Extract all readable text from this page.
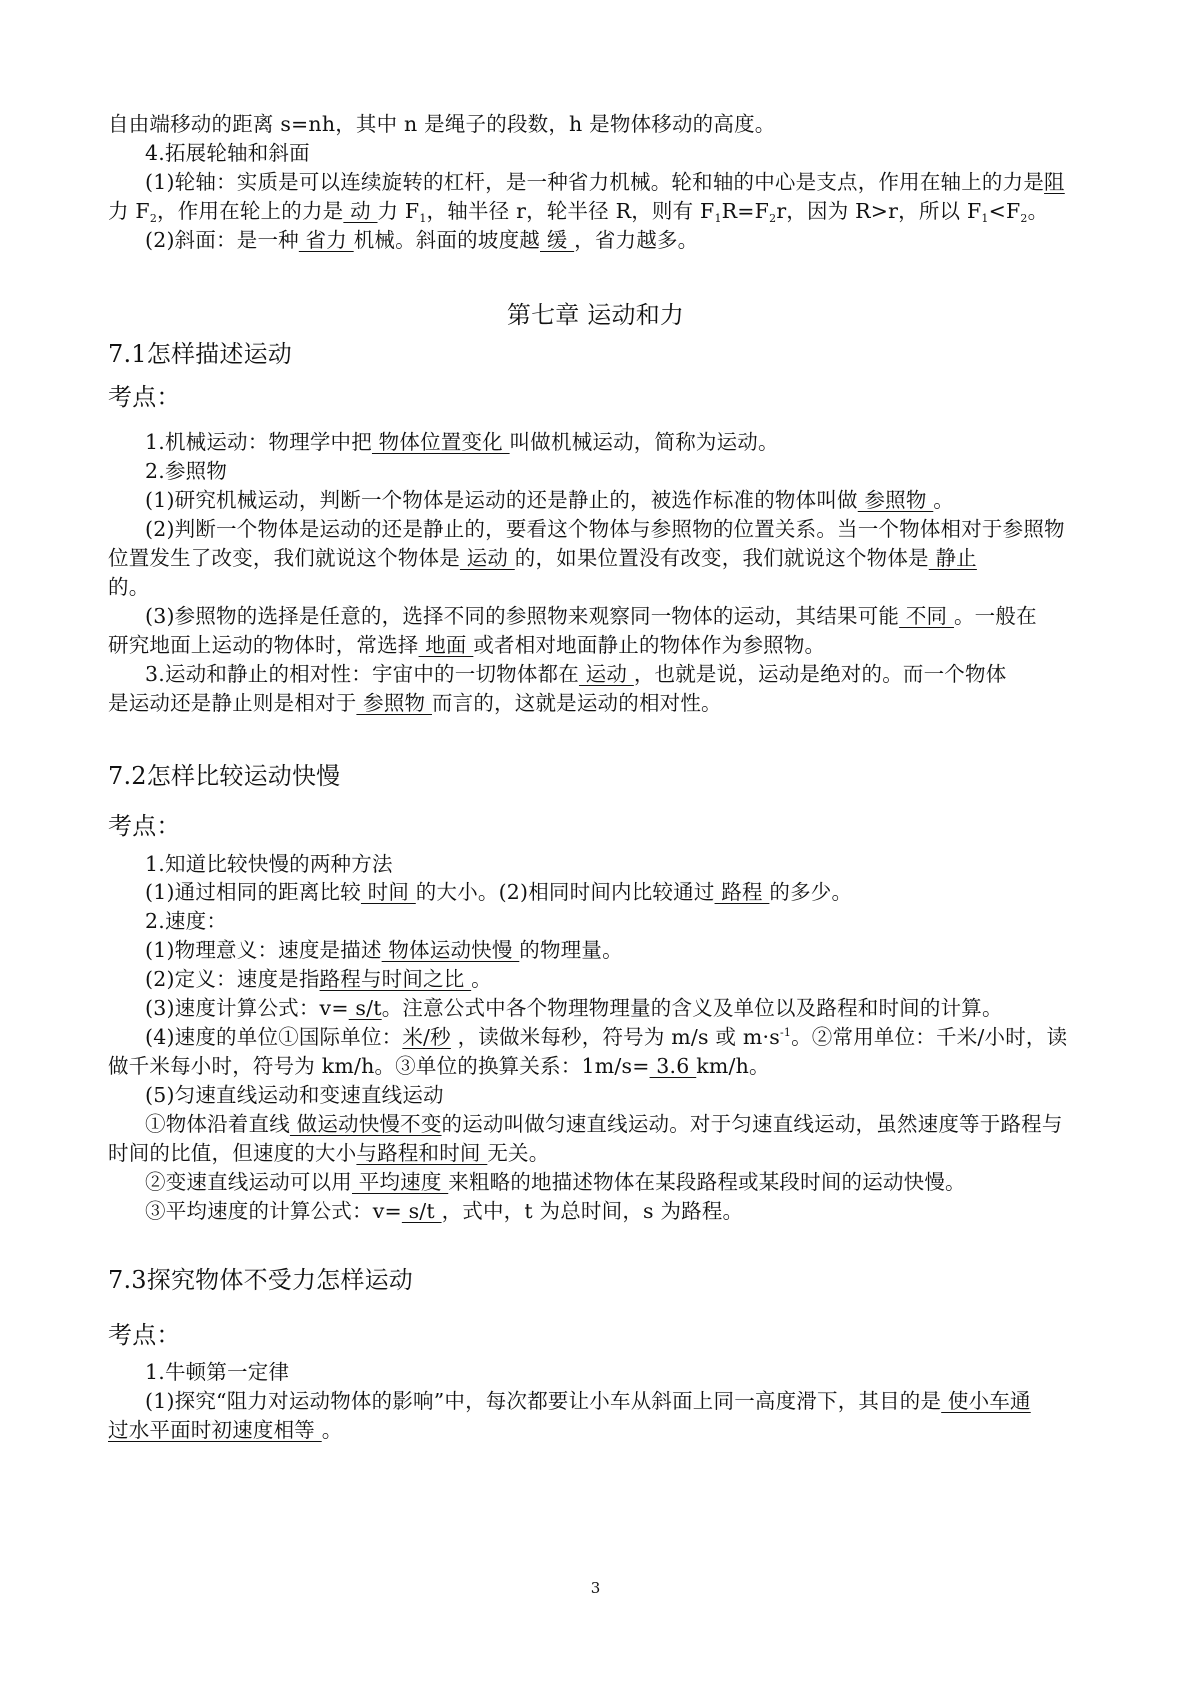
自由端移动的距离 s=nh，其中 n 是绳子的段数，h 是物体移动的高度。
4.拓展轮轴和斜面
(1)轮轴：实质是可以连续旋转的杠杆，是一种省力机械。轮和轴的中心是支点，作用在轴上的力是阻
力 $F_2$，作用在轮上的力是 动 力 $F_1$，轴半径 r，轮半径 R，则有 $F_1R=F_2r$，因为 R>r，所以 $F_1<F_2$。
(2)斜面：是一种 省力 机械。斜面的坡度越 缓 ，省力越多。
第七章 运动和力
7.1怎样描述运动
考点：
1.机械运动：物理学中把 物体位置变化 叫做机械运动，简称为运动。
2.参照物
(1)研究机械运动，判断一个物体是运动的还是静止的，被选作标准的物体叫做 参照物 。
(2)判断一个物体是运动的还是静止的，要看这个物体与参照物的位置关系。当一个物体相对于参照物
位置发生了改变，我们就说这个物体是 运动 的，如果位置没有改变，我们就说这个物体是 静止
的。
(3)参照物的选择是任意的，选择不同的参照物来观察同一物体的运动，其结果可能 不同 。一般在
研究地面上运动的物体时，常选择 地面 或者相对地面静止的物体作为参照物。
3.运动和静止的相对性：宇宙中的一切物体都在 运动 ，也就是说，运动是绝对的。而一个物体
是运动还是静止则是相对于 参照物 而言的，这就是运动的相对性。
7.2怎样比较运动快慢
考点：
1.知道比较快慢的两种方法
(1)通过相同的距离比较 时间 的大小。(2)相同时间内比较通过 路程 的多少。
2.速度：
(1)物理意义：速度是描述 物体运动快慢 的物理量。
(2)定义：速度是指路程与时间之比 。
(3)速度计算公式：v= s/t。注意公式中各个物理物理量的含义及单位以及路程和时间的计算。
(4)速度的单位①国际单位：米/秒 ，读做米每秒，符号为 m/s 或 $m\cdot s^{-1}$。②常用单位：千米/小时，读
做千米每小时，符号为 km/h。③单位的换算关系：1m/s= 3.6 km/h。
(5)匀速直线运动和变速直线运动
①物体沿着直线 做运动快慢不变的运动叫做匀速直线运动。对于匀速直线运动，虽然速度等于路程与
时间的比值，但速度的大小与路程和时间 无关。
②变速直线运动可以用 平均速度 来粗略的地描述物体在某段路程或某段时间的运动快慢。
③平均速度的计算公式：v= s/t ，式中，t 为总时间，s 为路程。
7.3探究物体不受力怎样运动
考点：
1.牛顿第一定律
(1)探究“阻力对运动物体的影响”中，每次都要让小车从斜面上同一高度滑下，其目的是 使小车通
过水平面时初速度相等 。
3
